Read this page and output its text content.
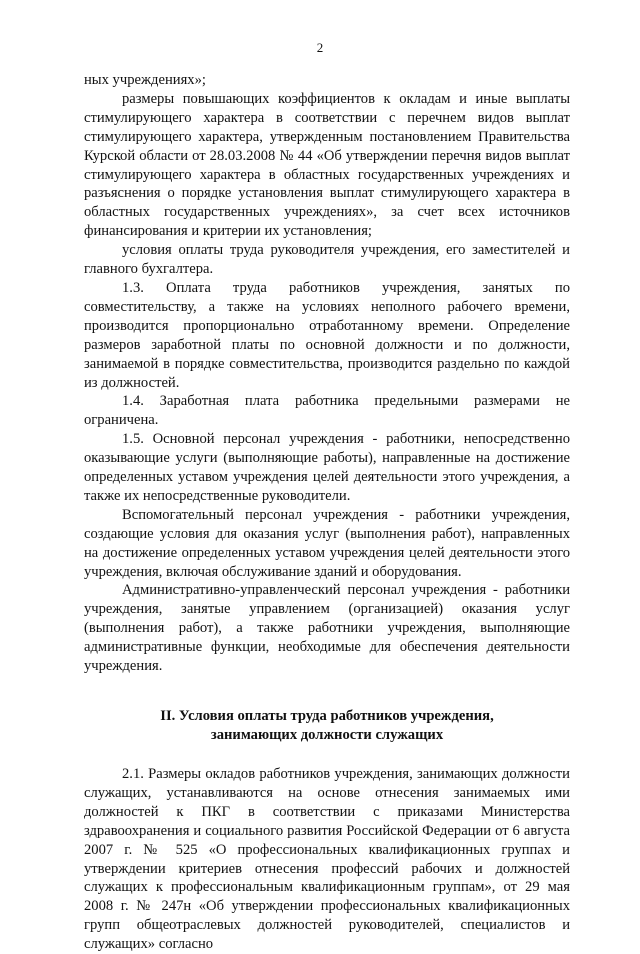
2

ных учреждениях»;

размеры повышающих коэффициентов к окладам и иные выплаты стимулирующего характера в соответствии с перечнем видов выплат стимулирующего характера, утвержденным постановлением Правительства Курской области от 28.03.2008 № 44 «Об утверждении перечня видов выплат стимулирующего характера в областных государственных учреждениях и разъяснения о порядке установления выплат стимулирующего характера в областных государственных учреждениях», за счет всех источников финансирования и критерии их установления;

условия оплаты труда руководителя учреждения, его заместителей и главного бухгалтера.

1.3. Оплата труда работников учреждения, занятых по совместительству, а также на условиях неполного рабочего времени, производится пропорционально отработанному времени. Определение размеров заработной платы по основной должности и по должности, занимаемой в порядке совместительства, производится раздельно по каждой из должностей.

1.4. Заработная плата работника предельными размерами не ограничена.

1.5. Основной персонал учреждения - работники, непосредственно оказывающие услуги (выполняющие работы), направленные на достижение определенных уставом учреждения целей деятельности этого учреждения, а также их непосредственные руководители.

Вспомогательный персонал учреждения - работники учреждения, создающие условия для оказания услуг (выполнения работ), направленных на достижение определенных уставом учреждения целей деятельности этого учреждения, включая обслуживание зданий и оборудования.

Административно-управленческий персонал учреждения - работники учреждения, занятые управлением (организацией) оказания услуг (выполнения работ), а также работники учреждения, выполняющие административные функции, необходимые для обеспечения деятельности учреждения.

II. Условия оплаты труда работников учреждения,
занимающих должности служащих

2.1. Размеры окладов работников учреждения, занимающих должности служащих, устанавливаются на основе отнесения занимаемых ими должностей к ПКГ в соответствии с приказами Министерства здравоохранения и социального развития Российской Федерации от 6 августа 2007 г. № 525 «О профессиональных квалификационных группах и утверждении критериев отнесения профессий рабочих и должностей служащих к профессиональным квалификационным группам», от 29 мая 2008 г. № 247н «Об утверждении профессиональных квалификационных групп общеотраслевых должностей руководителей, специалистов и служащих» согласно
